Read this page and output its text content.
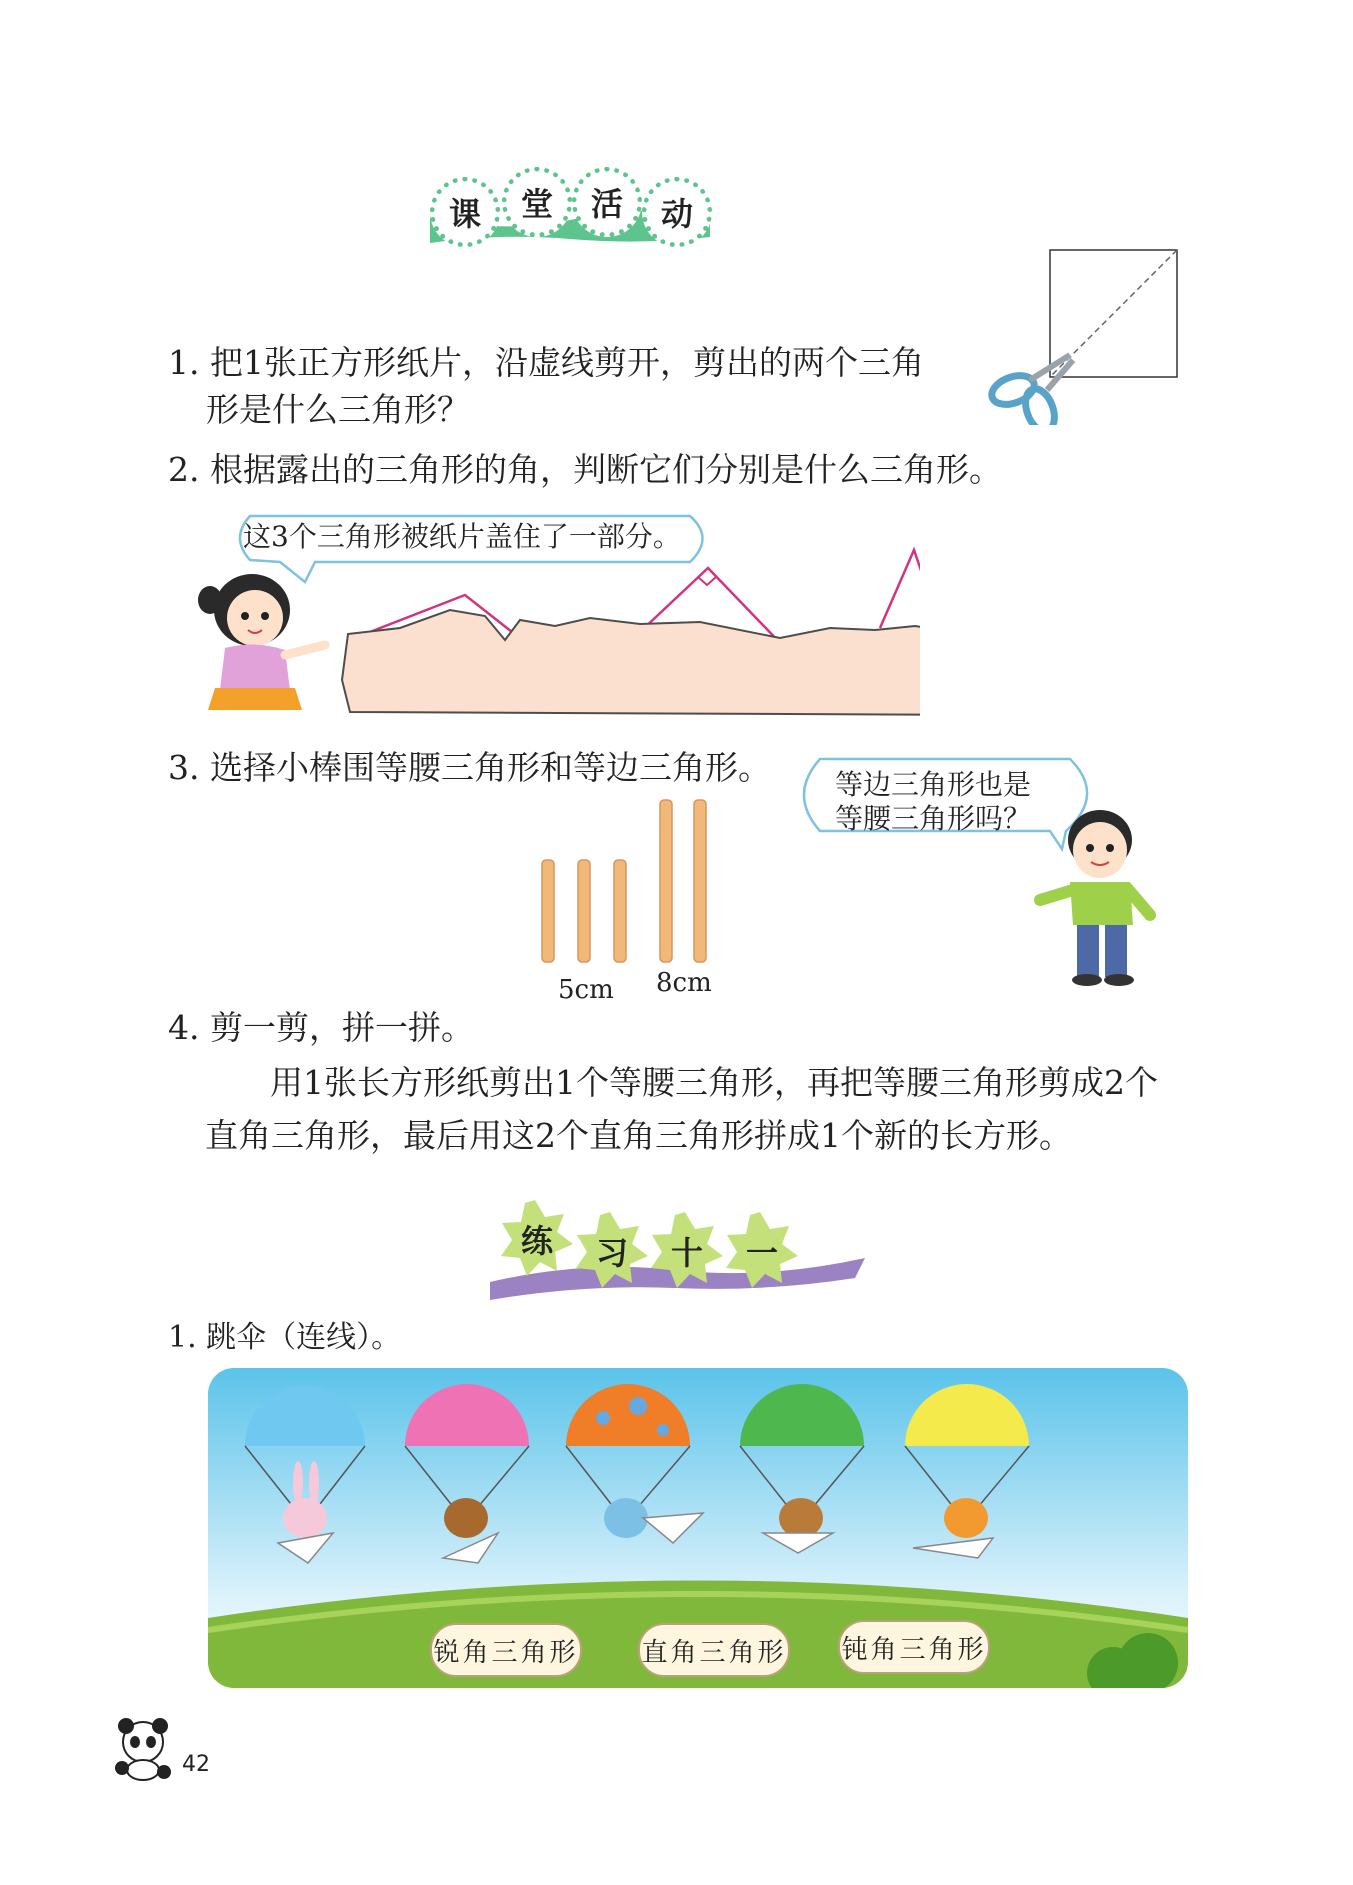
课	堂	活	动
1. 把1张正方形纸片，沿虚线剪开，剪出的两个三角
形是什么三角形？
2. 根据露出的三角形的角，判断它们分别是什么三角形。
这3个三角形被纸片盖住了一部分。
3. 选择小棒围等腰三角形和等边三角形。 等边三角形也是
等腰三角形吗？
5cm 8cm
4. 剪一剪，拼一拼。
用1张长方形纸剪出1个等腰三角形，再把等腰三角形剪成2个
直角三角形，最后用这2个直角三角形拼成1个新的长方形。
练	习	十	一
1. 跳伞（连线）。
锐角三角形 直角三角形 钝角三角形
42
